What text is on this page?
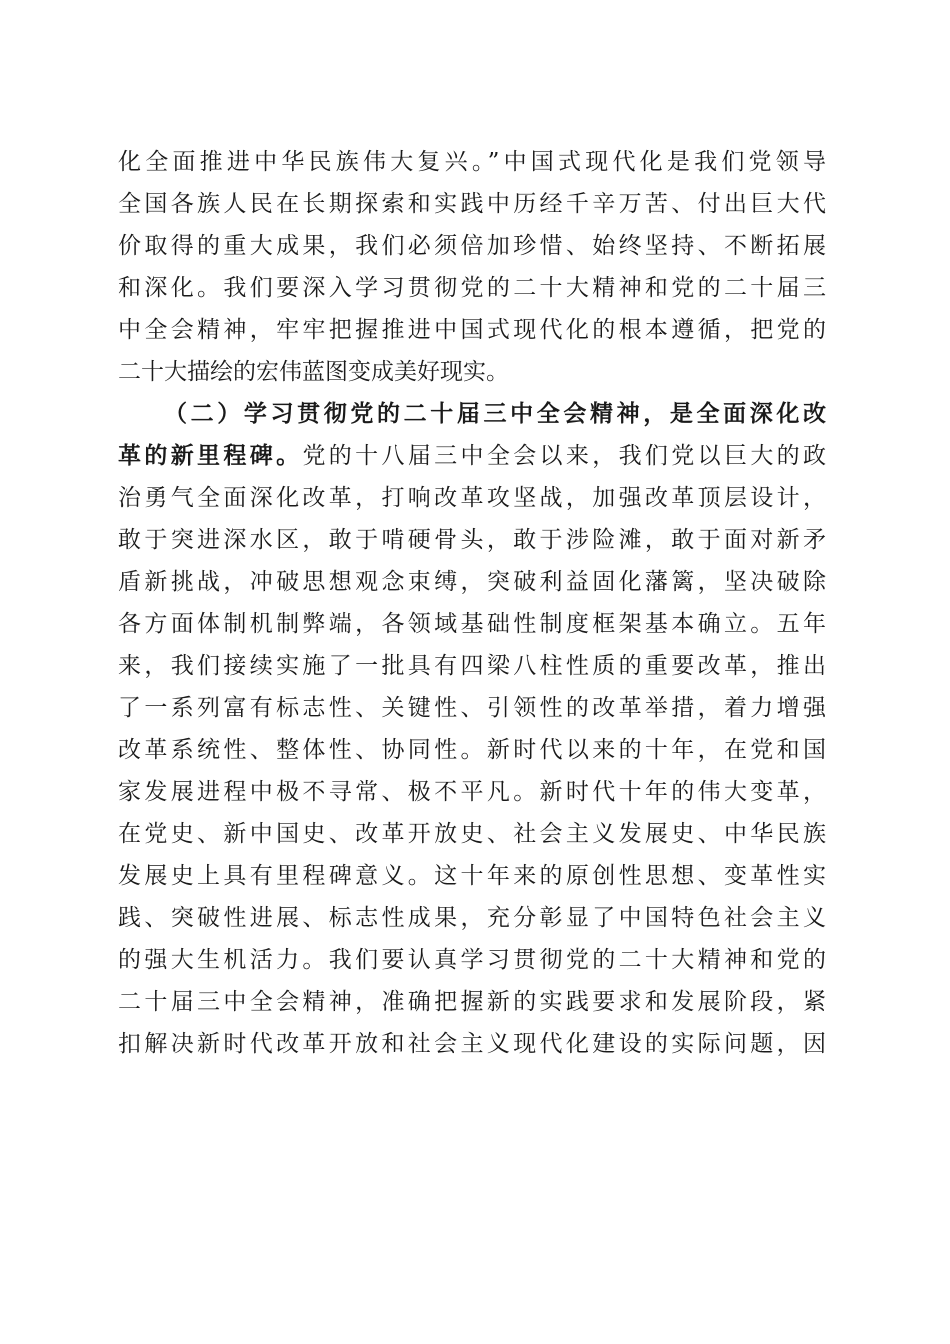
化全面推进中华民族伟大复兴。”中国式现代化是我们党领导
全国各族人民在长期探索和实践中历经千辛万苦、付出巨大代
价取得的重大成果，我们必须倍加珍惜、始终坚持、不断拓展
和深化。我们要深入学习贯彻党的二十大精神和党的二十届三
中全会精神，牢牢把握推进中国式现代化的根本遵循，把党的
二十大描绘的宏伟蓝图变成美好现实。
（二）学习贯彻党的二十届三中全会精神，是全面深化改
革的新里程碑。党的十八届三中全会以来，我们党以巨大的政
治勇气全面深化改革，打响改革攻坚战，加强改革顶层设计，
敢于突进深水区，敢于啃硬骨头，敢于涉险滩，敢于面对新矛
盾新挑战，冲破思想观念束缚，突破利益固化藩篱，坚决破除
各方面体制机制弊端，各领域基础性制度框架基本确立。五年
来，我们接续实施了一批具有四梁八柱性质的重要改革，推出
了一系列富有标志性、关键性、引领性的改革举措，着力增强
改革系统性、整体性、协同性。新时代以来的十年，在党和国
家发展进程中极不寻常、极不平凡。新时代十年的伟大变革，
在党史、新中国史、改革开放史、社会主义发展史、中华民族
发展史上具有里程碑意义。这十年来的原创性思想、变革性实
践、突破性进展、标志性成果，充分彰显了中国特色社会主义
的强大生机活力。我们要认真学习贯彻党的二十大精神和党的
二十届三中全会精神，准确把握新的实践要求和发展阶段，紧
扣解决新时代改革开放和社会主义现代化建设的实际问题，因
